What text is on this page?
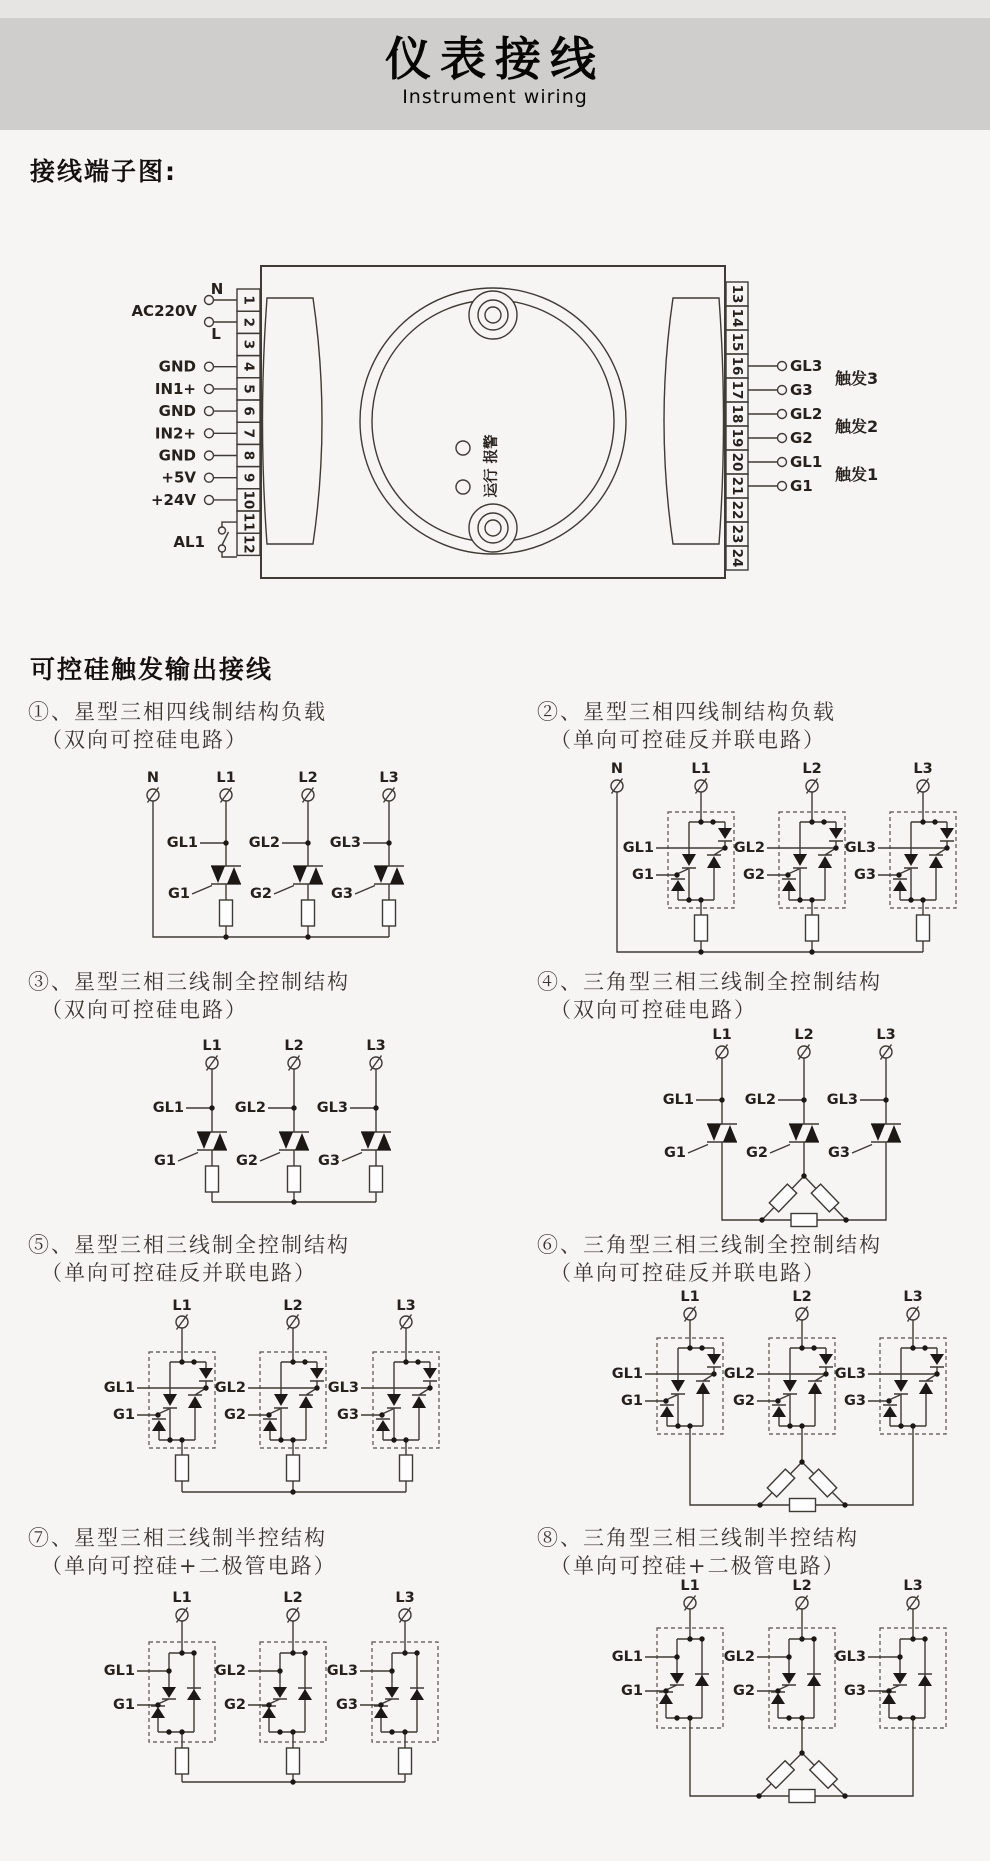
仪表接线
Instrument wiring
接线端子图:
可控硅触发输出接线
①、星型三相四线制结构负载
（双向可控硅电路）
②、星型三相四线制结构负载
（单向可控硅反并联电路）
③、星型三相三线制全控制结构
（双向可控硅电路）
④、三角型三相三线制全控制结构
（双向可控硅电路）
⑤、星型三相三线制全控制结构
（单向可控硅反并联电路）
⑥、三角型三相三线制全控制结构
（单向可控硅反并联电路）
⑦、星型三相三线制半控结构
（单向可控硅+二极管电路）
⑧、三角型三相三线制半控结构
（单向可控硅+二极管电路）
报警
运行
1
2
3
4
5
6
7
8
9
10
11
12
13
14
15
16
17
18
19
20
21
22
23
24
N
L
AC220V
GND
IN1+
GND
IN2+
GND
+5V
+24V
AL1
GL3
G3
GL2
G2
GL1
G1
触发3
触发2
触发1
N	L1	L2	L3
GL1	GL2	GL3
G1	G2	G3
N	L1	L2	L3
GL1	GL2	GL3
G1	G2	G3
L1	L2	L3
GL1	GL2	GL3
G1	G2	G3
L1	L2	L3
GL1	GL2	GL3
G1	G2	G3
L1	L2	L3
GL1	GL2	GL3
G1	G2	G3
L1	L2	L3
GL1	GL2	GL3
G1	G2	G3
L1	L2	L3
GL1	GL2	GL3
G1	G2	G3
L1	L2	L3
GL1	GL2	GL3
G1	G2	G3
